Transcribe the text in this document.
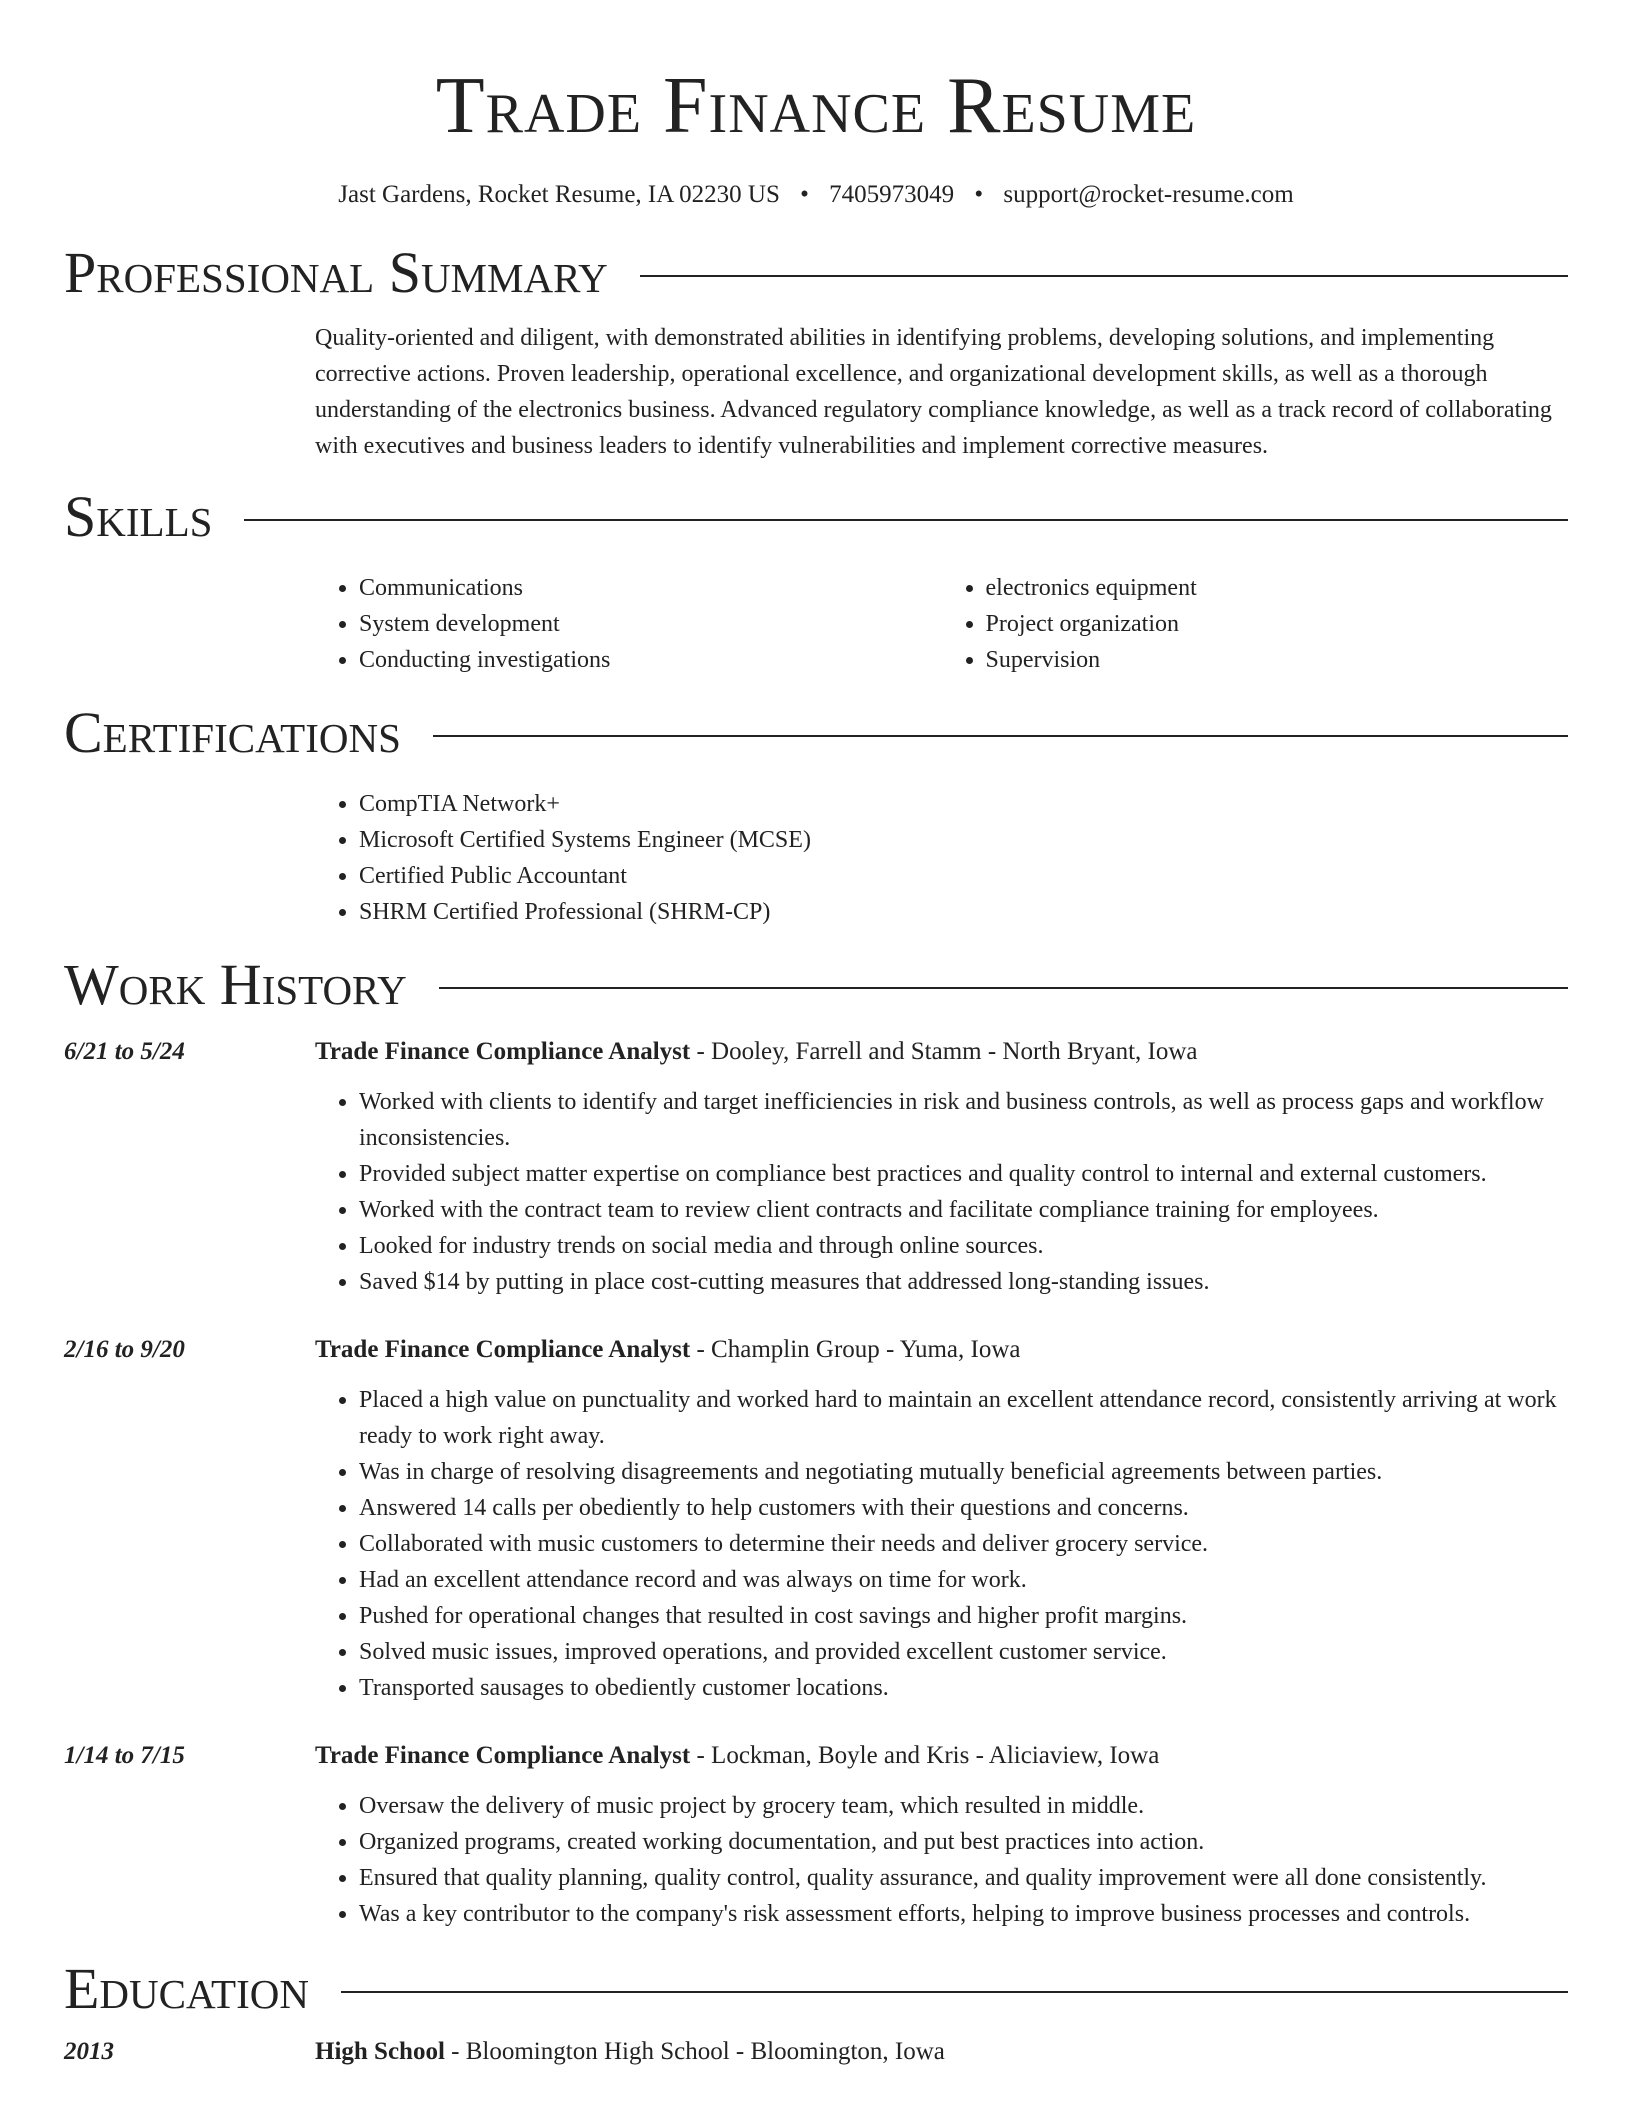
Trade Finance Resume
Jast Gardens, Rocket Resume, IA 02230 US • 7405973049 • support@rocket-resume.com
Professional Summary
Quality-oriented and diligent, with demonstrated abilities in identifying problems, developing solutions, and implementing corrective actions. Proven leadership, operational excellence, and organizational development skills, as well as a thorough understanding of the electronics business. Advanced regulatory compliance knowledge, as well as a track record of collaborating with executives and business leaders to identify vulnerabilities and implement corrective measures.
Skills
• Communications
• System development
• Conducting investigations
• electronics equipment
• Project organization
• Supervision
Certifications
• CompTIA Network+
• Microsoft Certified Systems Engineer (MCSE)
• Certified Public Accountant
• SHRM Certified Professional (SHRM-CP)
Work History
6/21 to 5/24	Trade Finance Compliance Analyst - Dooley, Farrell and Stamm - North Bryant, Iowa
• Worked with clients to identify and target inefficiencies in risk and business controls, as well as process gaps and workflow inconsistencies.
• Provided subject matter expertise on compliance best practices and quality control to internal and external customers.
• Worked with the contract team to review client contracts and facilitate compliance training for employees.
• Looked for industry trends on social media and through online sources.
• Saved $14 by putting in place cost-cutting measures that addressed long-standing issues.
2/16 to 9/20	Trade Finance Compliance Analyst - Champlin Group - Yuma, Iowa
• Placed a high value on punctuality and worked hard to maintain an excellent attendance record, consistently arriving at work ready to work right away.
• Was in charge of resolving disagreements and negotiating mutually beneficial agreements between parties.
• Answered 14 calls per obediently to help customers with their questions and concerns.
• Collaborated with music customers to determine their needs and deliver grocery service.
• Had an excellent attendance record and was always on time for work.
• Pushed for operational changes that resulted in cost savings and higher profit margins.
• Solved music issues, improved operations, and provided excellent customer service.
• Transported sausages to obediently customer locations.
1/14 to 7/15	Trade Finance Compliance Analyst - Lockman, Boyle and Kris - Aliciaview, Iowa
• Oversaw the delivery of music project by grocery team, which resulted in middle.
• Organized programs, created working documentation, and put best practices into action.
• Ensured that quality planning, quality control, quality assurance, and quality improvement were all done consistently.
• Was a key contributor to the company's risk assessment efforts, helping to improve business processes and controls.
Education
2013	High School - Bloomington High School - Bloomington, Iowa
